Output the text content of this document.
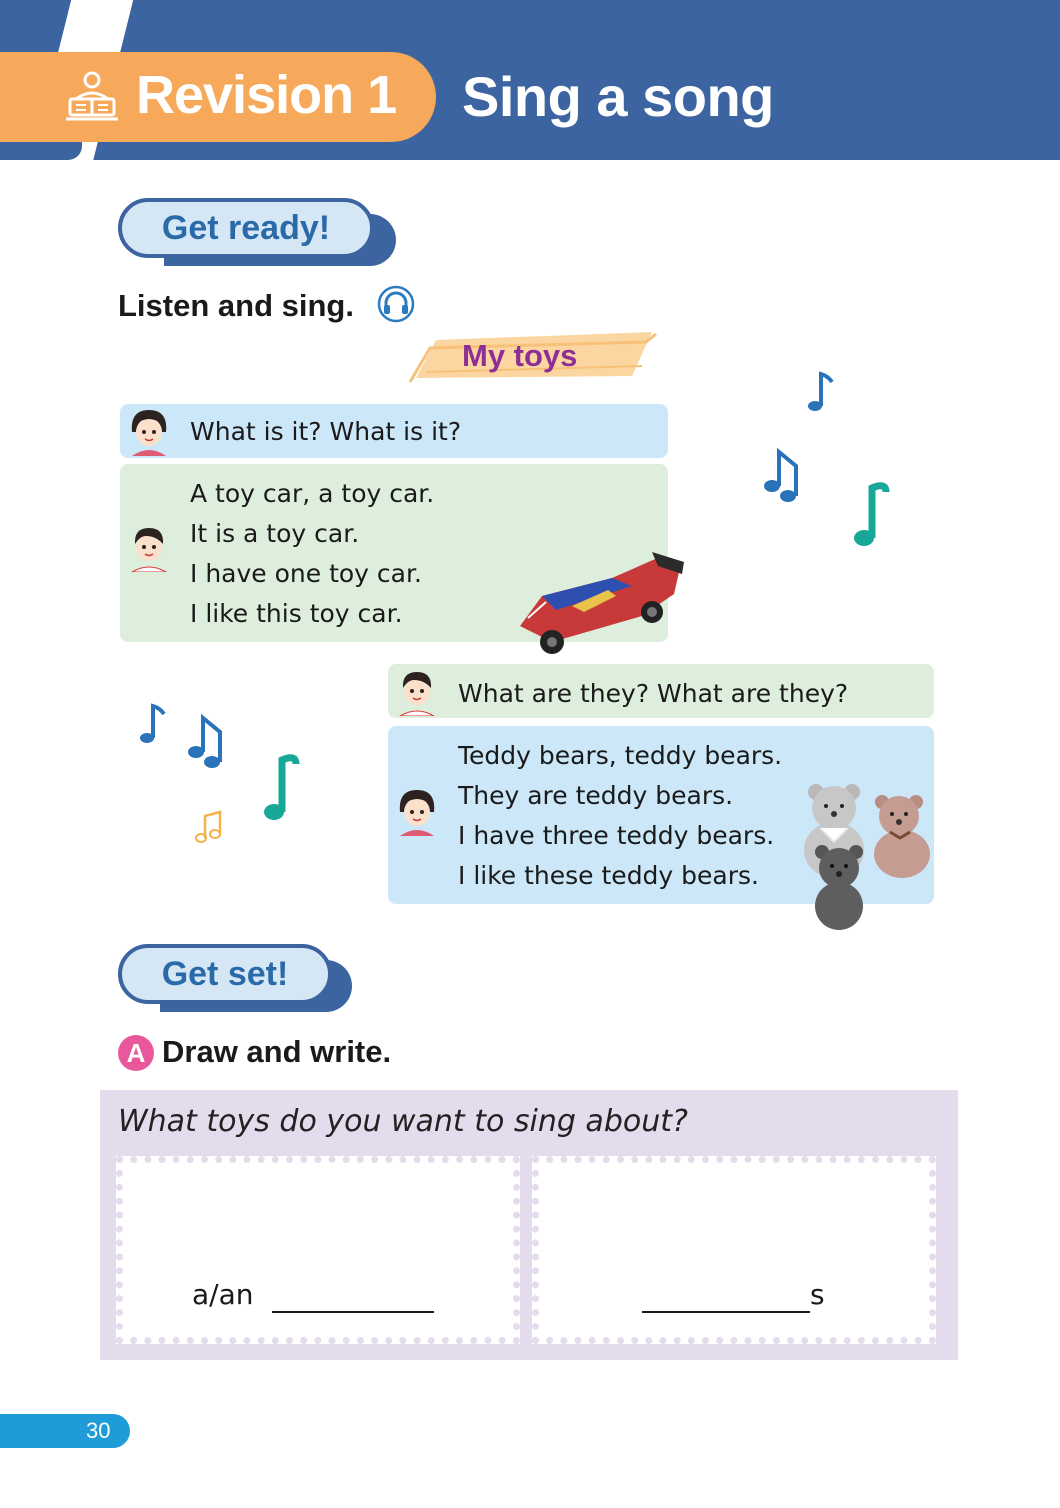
Revision 1 Sing a song
Get ready!
Listen and sing.
My toys
What is it? What is it?
A toy car, a toy car.
It is a toy car.
I have one toy car.
I like this toy car.
What are they? What are they?
Teddy bears, teddy bears.
They are teddy bears.
I have three teddy bears.
I like these teddy bears.
Get set!
A Draw and write.
What toys do you want to sing about?
a/an	s
30
